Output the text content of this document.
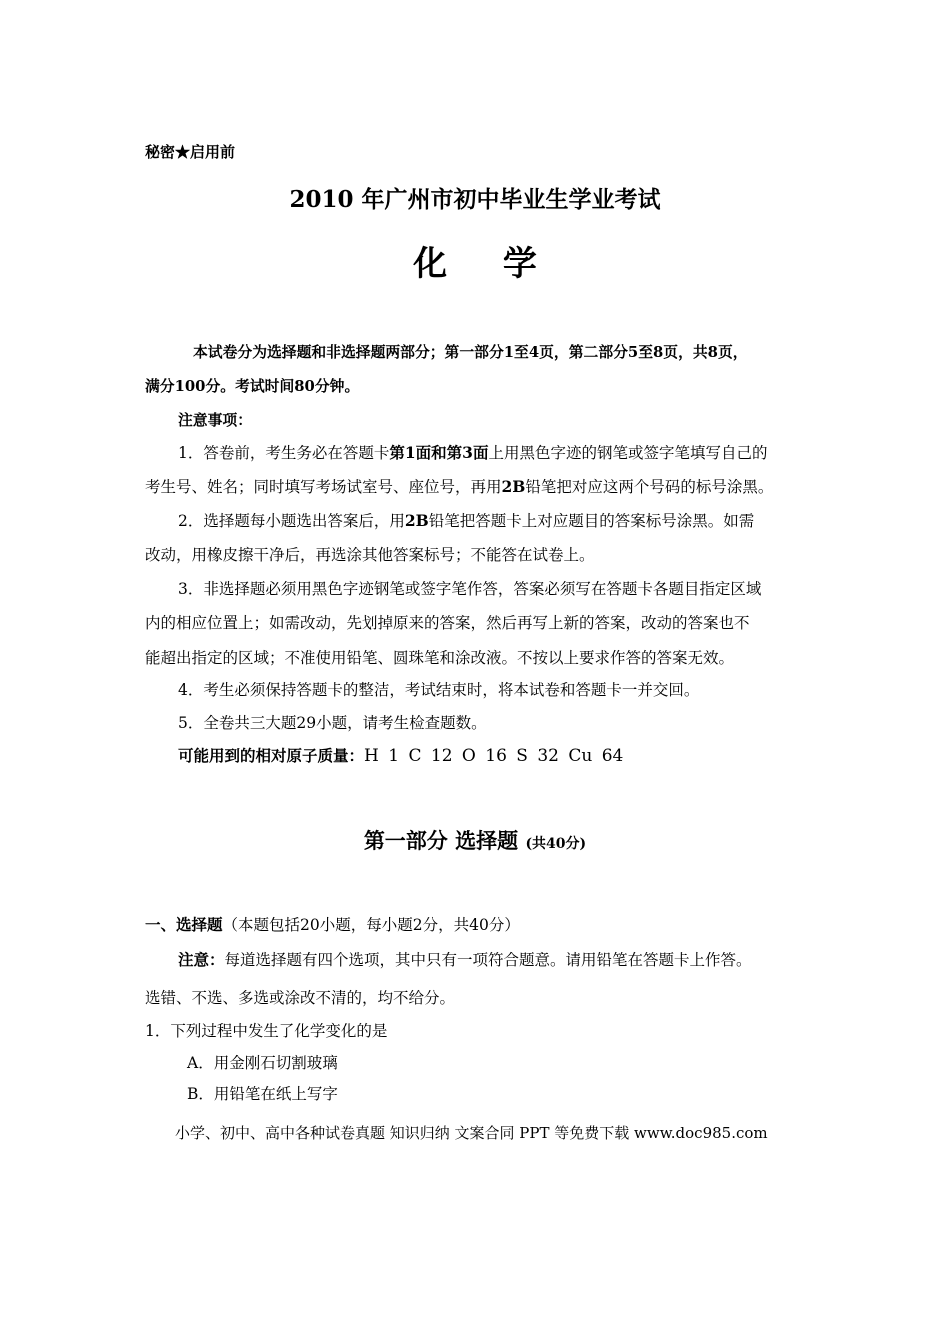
秘密★启用前
2010 年广州市初中毕业生学业考试
化 学
本试卷分为选择题和非选择题两部分；第一部分1至4页，第二部分5至8页，共8页，
满分100分。考试时间80分钟。
注意事项：
1．答卷前，考生务必在答题卡第1面和第3面上用黑色字迹的钢笔或签字笔填写自己的
考生号、姓名；同时填写考场试室号、座位号，再用2B铅笔把对应这两个号码的标号涂黑。
2．选择题每小题选出答案后，用2B铅笔把答题卡上对应题目的答案标号涂黑。如需
改动，用橡皮擦干净后，再选涂其他答案标号；不能答在试卷上。
3．非选择题必须用黑色字迹钢笔或签字笔作答，答案必须写在答题卡各题目指定区域
内的相应位置上；如需改动，先划掉原来的答案，然后再写上新的答案，改动的答案也不
能超出指定的区域；不准使用铅笔、圆珠笔和涂改液。不按以上要求作答的答案无效。
4．考生必须保持答题卡的整洁，考试结束时，将本试卷和答题卡一并交回。
5．全卷共三大题29小题，请考生检查题数。
可能用到的相对原子质量：H 1 C 12 O 16 S 32 Cu 64
第一部分 选择题 (共40分)
一、选择题（本题包括20小题，每小题2分，共40分）
注意：每道选择题有四个选项，其中只有一项符合题意。请用铅笔在答题卡上作答。
选错、不选、多选或涂改不清的，均不给分。
1．下列过程中发生了化学变化的是
A．用金刚石切割玻璃
B．用铅笔在纸上写字
小学、初中、高中各种试卷真题 知识归纳 文案合同 PPT 等免费下载 www.doc985.com
